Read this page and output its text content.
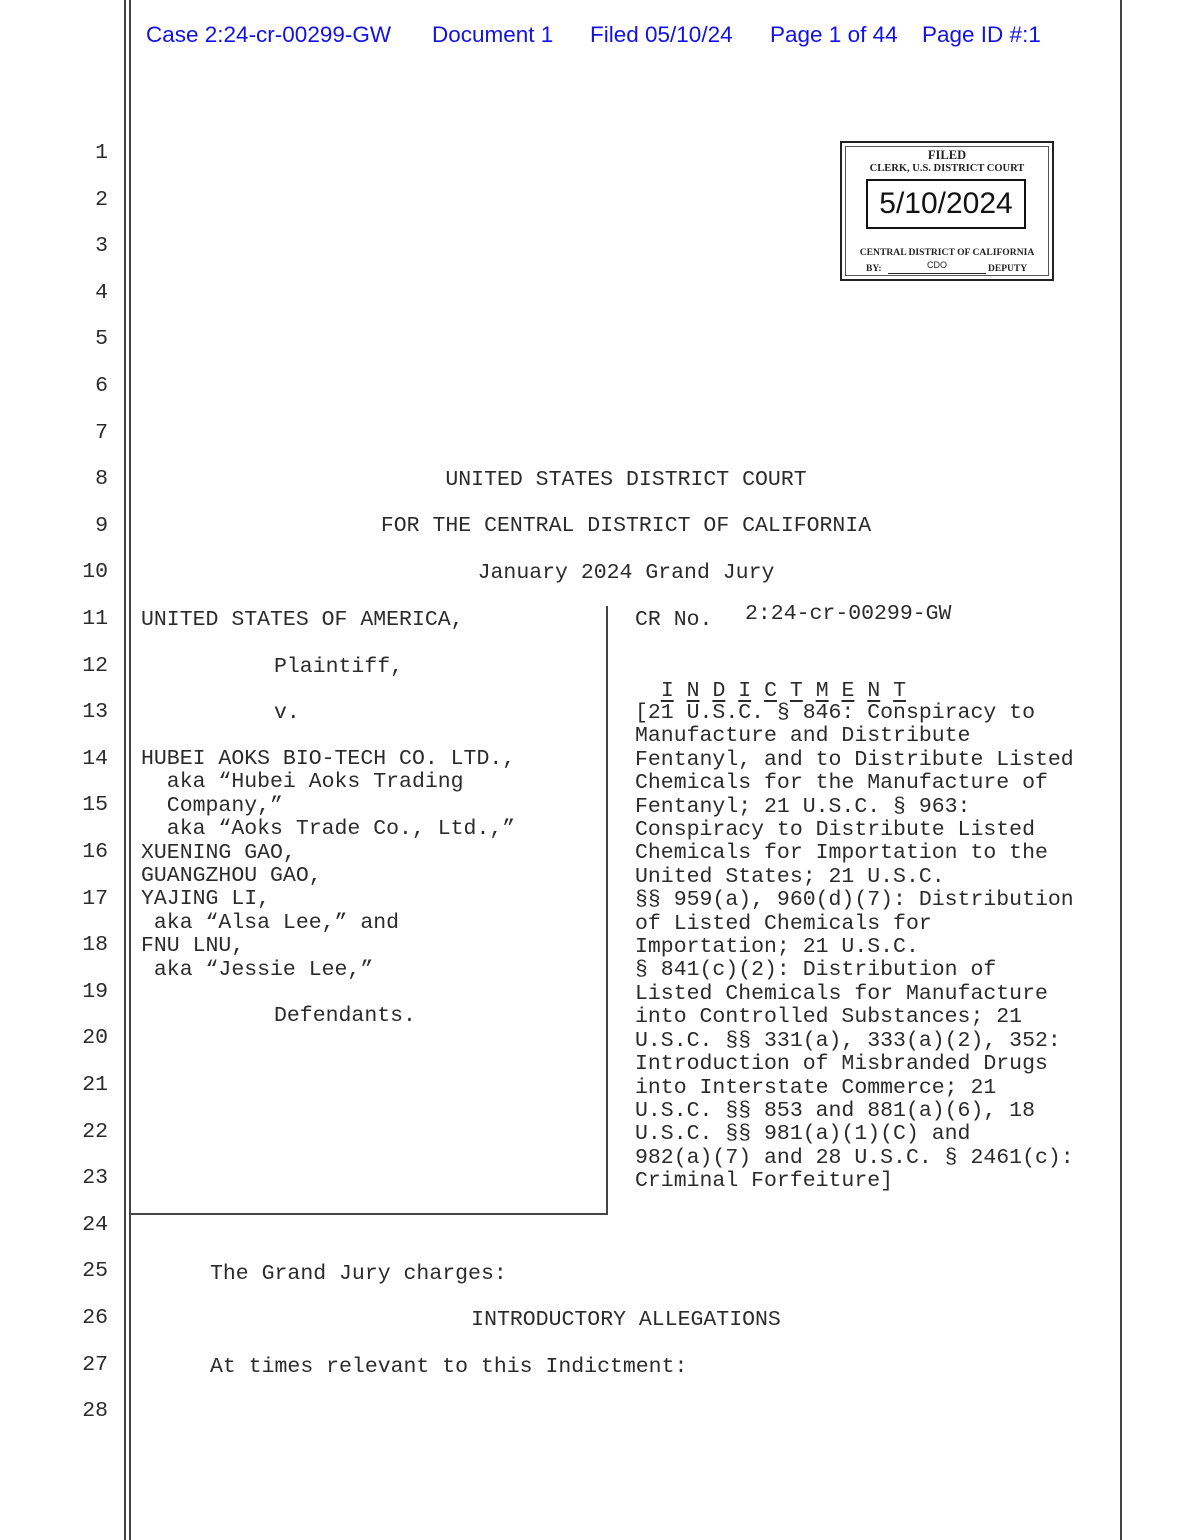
Case 2:24-cr-00299-GW Document 1 Filed 05/10/24 Page 1 of 44 Page ID #:1
1
2
3
4
5
6
7
8
9
10
11
12
13
14
15
16
17
18
19
20
21
22
23
24
25
26
27
28
FILED
CLERK, U.S. DISTRICT COURT
5/10/2024
CENTRAL DISTRICT OF CALIFORNIA
BY:	CDO	DEPUTY
UNITED STATES DISTRICT COURT
FOR THE CENTRAL DISTRICT OF CALIFORNIA
January 2024 Grand Jury
UNITED STATES OF AMERICA,
Plaintiff,
v.
HUBEI AOKS BIO-TECH CO. LTD.,
aka “Hubei Aoks Trading
Company,”
aka “Aoks Trade Co., Ltd.,”
XUENING GAO,
GUANGZHOU GAO,
YAJING LI,
aka “Alsa Lee,” and
FNU LNU,
aka “Jessie Lee,”
Defendants.
CR No. 2:24-cr-00299-GW

I N D I C T M E N T

[21 U.S.C. § 846: Conspiracy to
Manufacture and Distribute
Fentanyl, and to Distribute Listed
Chemicals for the Manufacture of
Fentanyl; 21 U.S.C. § 963:
Conspiracy to Distribute Listed
Chemicals for Importation to the
United States; 21 U.S.C.
§§ 959(a), 960(d)(7): Distribution
of Listed Chemicals for
Importation; 21 U.S.C.
§ 841(c)(2): Distribution of
Listed Chemicals for Manufacture
into Controlled Substances; 21
U.S.C. §§ 331(a), 333(a)(2), 352:
Introduction of Misbranded Drugs
into Interstate Commerce; 21
U.S.C. §§ 853 and 881(a)(6), 18
U.S.C. §§ 981(a)(1)(C) and
982(a)(7) and 28 U.S.C. § 2461(c):
Criminal Forfeiture]
The Grand Jury charges:
INTRODUCTORY ALLEGATIONS
At times relevant to this Indictment:
